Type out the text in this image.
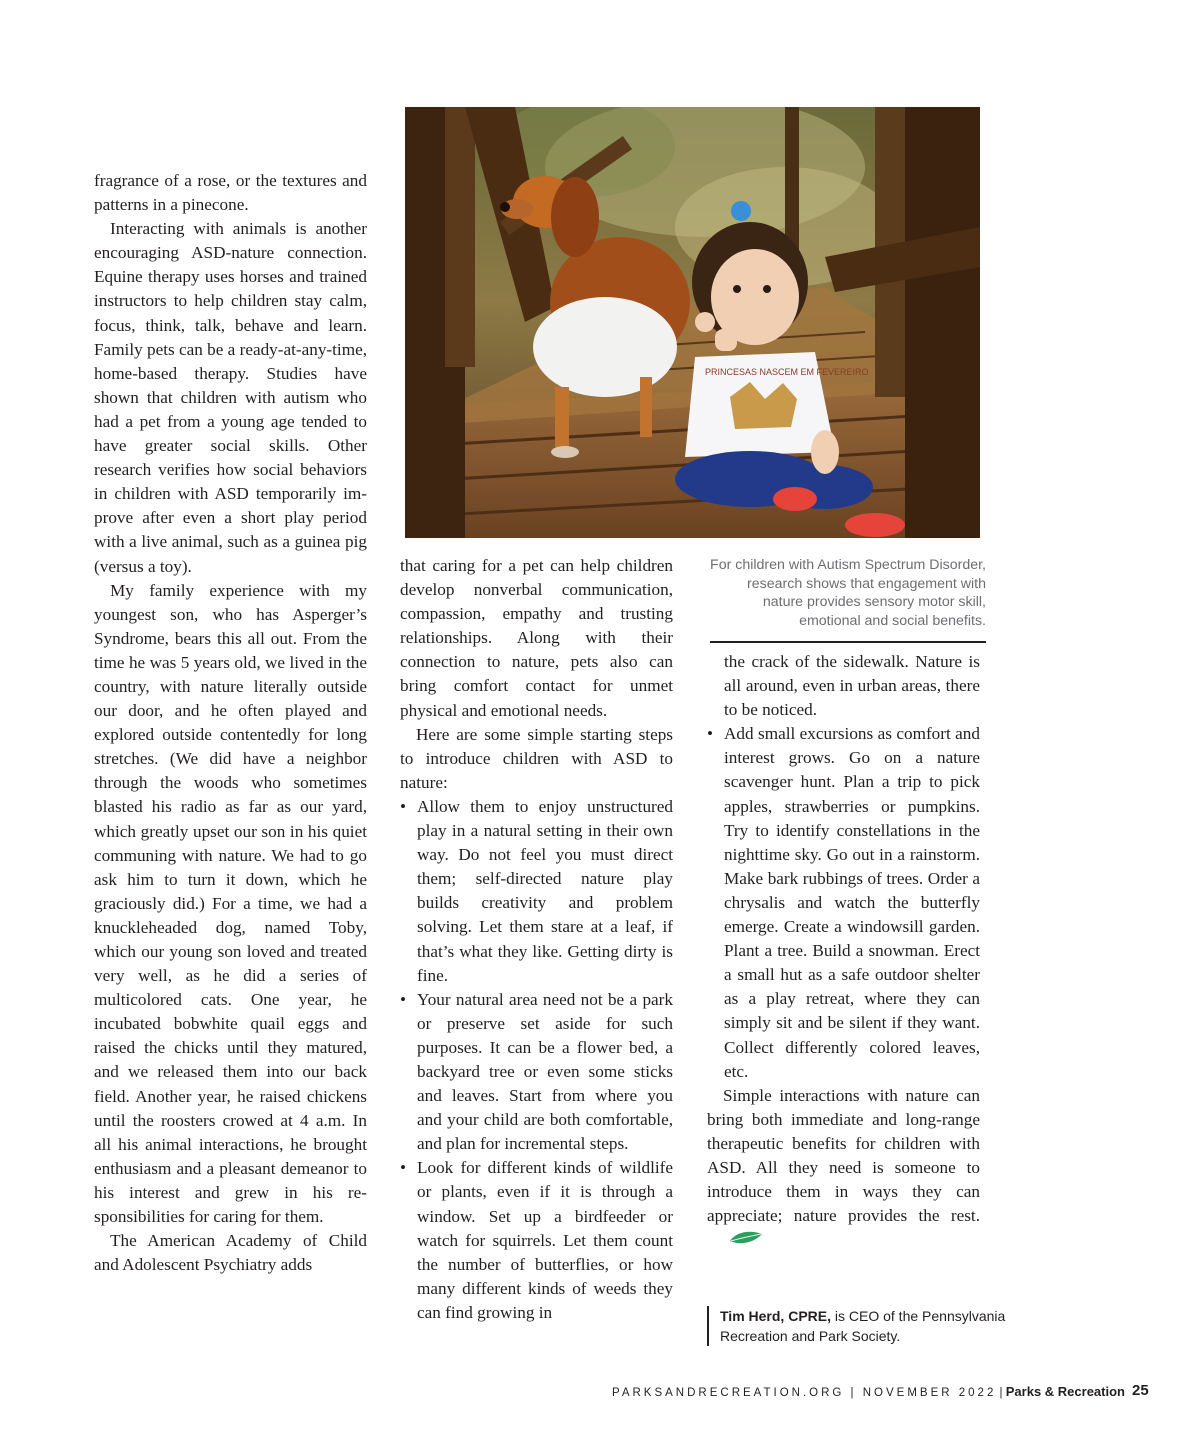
fragrance of a rose, or the textures and patterns in a pinecone.

Interacting with animals is another encouraging ASD-nature connection. Equine therapy uses horses and trained instructors to help children stay calm, focus, think, talk, behave and learn. Family pets can be a ready-at-any-time, home-based therapy. Studies have shown that children with autism who had a pet from a young age tended to have greater social skills. Other research verifies how social behaviors in children with ASD temporarily improve after even a short play period with a live animal, such as a guinea pig (versus a toy).

My family experience with my youngest son, who has Asperger’s Syndrome, bears this all out. From the time he was 5 years old, we lived in the country, with nature literally outside our door, and he often played and explored outside contentedly for long stretches. (We did have a neighbor through the woods who sometimes blasted his radio as far as our yard, which greatly upset our son in his quiet communing with nature. We had to go ask him to turn it down, which he graciously did.) For a time, we had a knuckleheaded dog, named Toby, which our young son loved and treated very well, as he did a series of multicolored cats. One year, he incubated bobwhite quail eggs and raised the chicks until they matured, and we released them into our back field. Another year, he raised chickens until the roosters crowed at 4 a.m. In all his animal interactions, he brought enthusiasm and a pleasant demeanor to his interest and grew in his responsibilities for caring for them.

The American Academy of Child and Adolescent Psychiatry adds

PRINCESAS NASCEM EM FEVEREIRO

that caring for a pet can help children develop nonverbal communication, compassion, empathy and trusting relationships. Along with their connection to nature, pets also can bring comfort contact for unmet physical and emotional needs.

Here are some simple starting steps to introduce children with ASD to nature:

• Allow them to enjoy unstructured play in a natural setting in their own way. Do not feel you must direct them; self-directed nature play builds creativity and problem solving. Let them stare at a leaf, if that’s what they like. Getting dirty is fine.
• Your natural area need not be a park or preserve set aside for such purposes. It can be a flower bed, a backyard tree or even some sticks and leaves. Start from where you and your child are both comfortable, and plan for incremental steps.
• Look for different kinds of wildlife or plants, even if it is through a window. Set up a birdfeeder or watch for squirrels. Let them count the number of butterflies, or how many different kinds of weeds they can find growing in
For children with Autism Spectrum Disorder, research shows that engagement with nature provides sensory motor skill, emotional and social benefits.
the crack of the sidewalk. Nature is all around, even in urban areas, there to be noticed.
• Add small excursions as comfort and interest grows. Go on a nature scavenger hunt. Plan a trip to pick apples, strawberries or pumpkins. Try to identify constellations in the nighttime sky. Go out in a rainstorm. Make bark rubbings of trees. Order a chrysalis and watch the butterfly emerge. Create a windowsill garden. Plant a tree. Build a snowman. Erect a small hut as a safe outdoor shelter as a play retreat, where they can simply sit and be silent if they want. Collect differently colored leaves, etc.

Simple interactions with nature can bring both immediate and long-range therapeutic benefits for children with ASD. All they need is someone to introduce them in ways they can appreciate; nature provides the rest.

Tim Herd, CPRE, is CEO of the Pennsylvania Recreation and Park Society.
PARKSANDRECREATION.ORG | NOVEMBER 2022 | Parks & Recreation 25
